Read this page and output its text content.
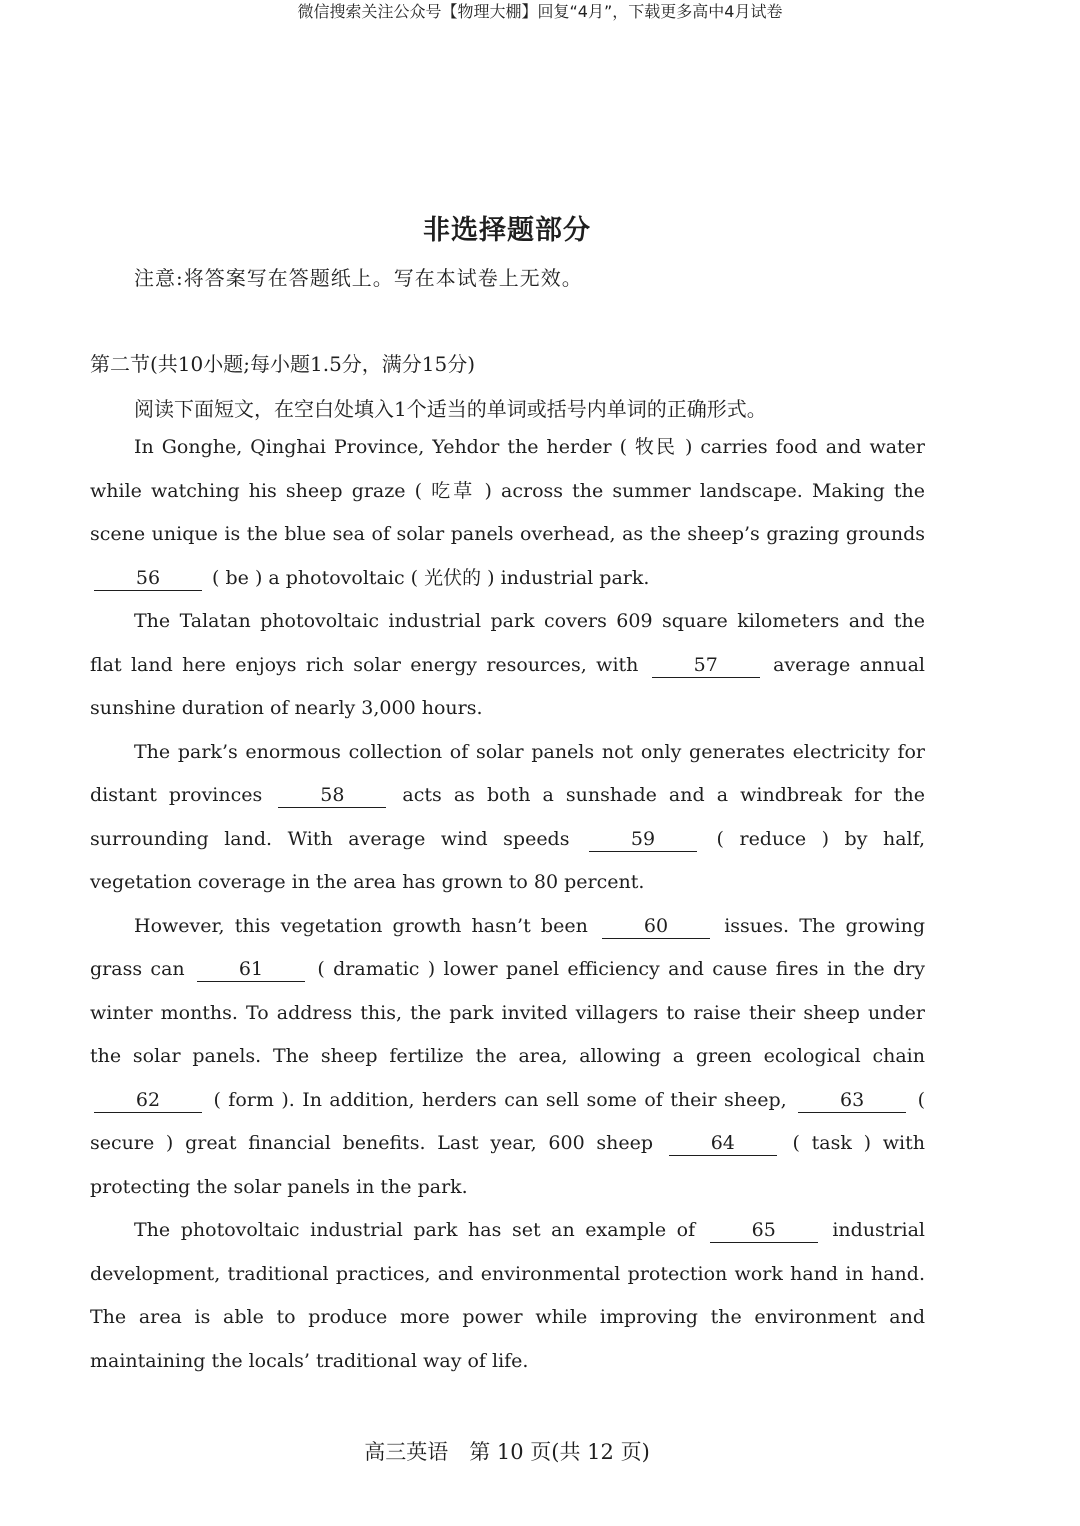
微信搜索关注公众号【物理大棚】回复“4月”，下载更多高中4月试卷
非选择题部分
注意:将答案写在答题纸上。写在本试卷上无效。
第二节(共10小题;每小题1.5分，满分15分)
阅读下面短文，在空白处填入1个适当的单词或括号内单词的正确形式。

In Gonghe, Qinghai Province, Yehdor the herder ( 牧民 ) carries food and water while watching his sheep graze ( 吃草 ) across the summer landscape. Making the scene unique is the blue sea of solar panels overhead, as the sheep’s grazing grounds 56	( be ) a photovoltaic ( 光伏的 ) industrial park.

The Talatan photovoltaic industrial park covers 609 square kilometers and the flat land here enjoys rich solar energy resources, with	57	average annual sunshine duration of nearly 3,000 hours.

The park’s enormous collection of solar panels not only generates electricity for distant provinces	58	acts as both a sunshade and a windbreak for the surrounding land. With average wind speeds	59	( reduce ) by half, vegetation coverage in the area has grown to 80 percent.

However, this vegetation growth hasn’t been	60	issues. The growing grass can	61	( dramatic ) lower panel efficiency and cause fires in the dry winter months. To address this, the park invited villagers to raise their sheep under the solar panels. The sheep fertilize the area, allowing a green ecological chain 62	( form ). In addition, herders can sell some of their sheep,	63	( secure ) great financial benefits. Last year, 600 sheep	64	( task ) with protecting the solar panels in the park.

The photovoltaic industrial park has set an example of	65	industrial development, traditional practices, and environmental protection work hand in hand. The area is able to produce more power while improving the environment and maintaining the locals’ traditional way of life.

高三英语　第 10 页(共 12 页)
